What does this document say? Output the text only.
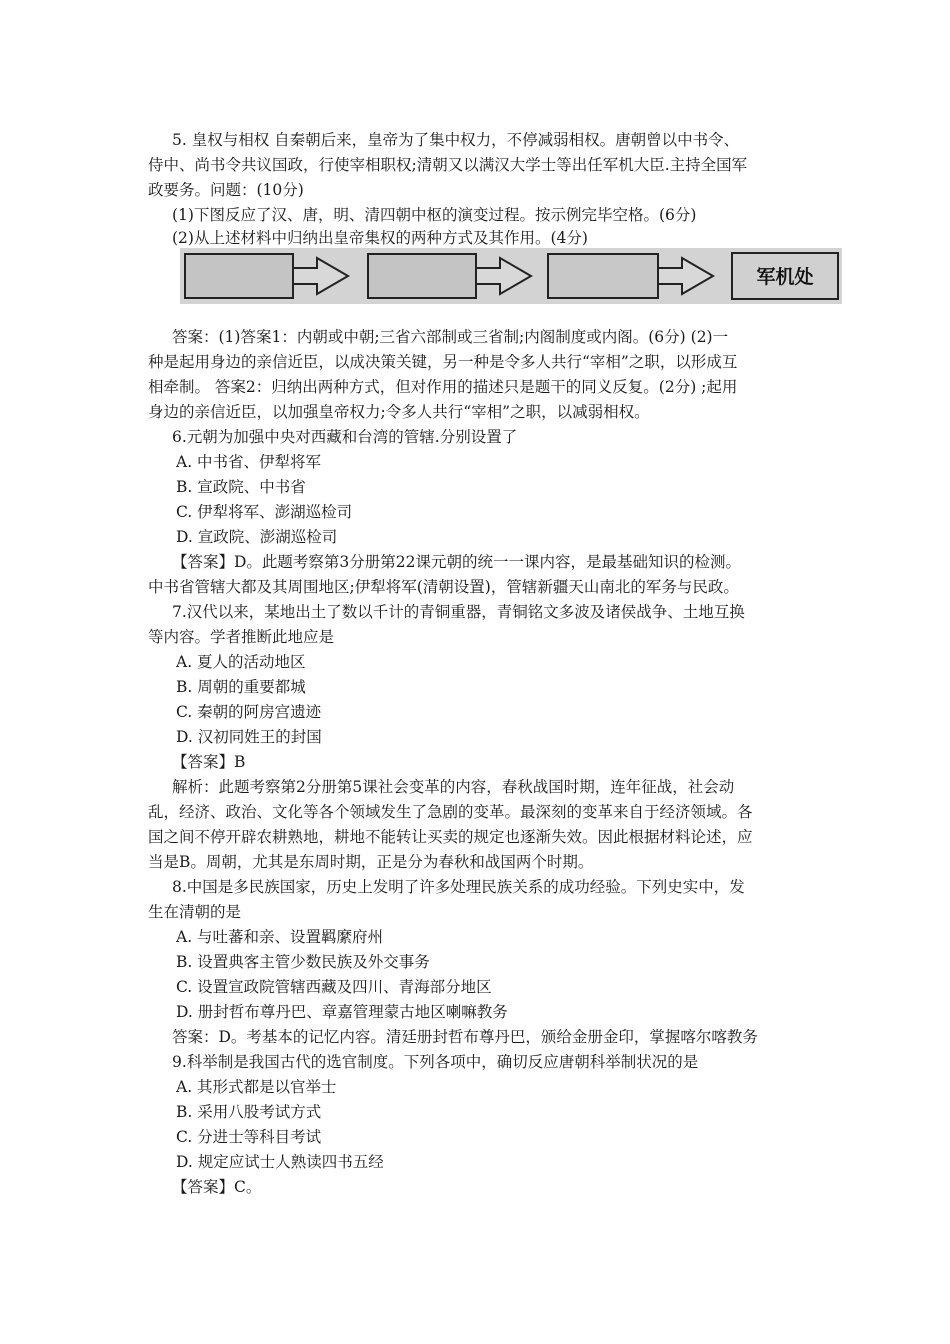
5. 皇权与相权 自秦朝后来，皇帝为了集中权力，不停减弱相权。唐朝曾以中书令、
侍中、尚书令共议国政，行使宰相职权;清朝又以满汉大学士等出任军机大臣.主持全国军
政要务。问题：(10分)
(1)下图反应了汉、唐，明、清四朝中枢的演变过程。按示例完毕空格。(6分)
(2)从上述材料中归纳出皇帝集权的两种方式及其作用。(4分)
军机处
答案：(1)答案1：内朝或中朝;三省六部制或三省制;内阁制度或内阁。(6分) (2)一
种是起用身边的亲信近臣，以成决策关键，另一种是令多人共行“宰相”之职，以形成互
相牵制。 答案2：归纳出两种方式，但对作用的描述只是题干的同义反复。(2分) ;起用
身边的亲信近臣，以加强皇帝权力;令多人共行“宰相”之职，以减弱相权。
6.元朝为加强中央对西藏和台湾的管辖.分别设置了
A. 中书省、伊犁将军
B. 宣政院、中书省
C. 伊犁将军、澎湖巡检司
D. 宣政院、澎湖巡检司
【答案】D。此题考察第3分册第22课元朝的统一一课内容，是最基础知识的检测。
中书省管辖大都及其周围地区;伊犁将军(清朝设置)，管辖新疆天山南北的军务与民政。
7.汉代以来，某地出土了数以千计的青铜重器，青铜铭文多波及诸侯战争、土地互换
等内容。学者推断此地应是
A. 夏人的活动地区
B. 周朝的重要都城
C. 秦朝的阿房宫遗迹
D. 汉初同姓王的封国
【答案】B
解析：此题考察第2分册第5课社会变革的内容，春秋战国时期，连年征战，社会动
乱，经济、政治、文化等各个领域发生了急剧的变革。最深刻的变革来自于经济领域。各
国之间不停开辟农耕熟地，耕地不能转让买卖的规定也逐渐失效。因此根据材料论述，应
当是B。周朝，尤其是东周时期，正是分为春秋和战国两个时期。
8.中国是多民族国家，历史上发明了许多处理民族关系的成功经验。下列史实中，发
生在清朝的是
A. 与吐蕃和亲、设置羁縻府州
B. 设置典客主管少数民族及外交事务
C. 设置宣政院管辖西藏及四川、青海部分地区
D. 册封哲布尊丹巴、章嘉管理蒙古地区喇嘛教务
答案：D。考基本的记忆内容。清廷册封哲布尊丹巴，颁给金册金印，掌握喀尔喀教务
9.科举制是我国古代的选官制度。下列各项中，确切反应唐朝科举制状况的是
A. 其形式都是以官举士
B. 采用八股考试方式
C. 分进士等科目考试
D. 规定应试士人熟读四书五经
【答案】C。
